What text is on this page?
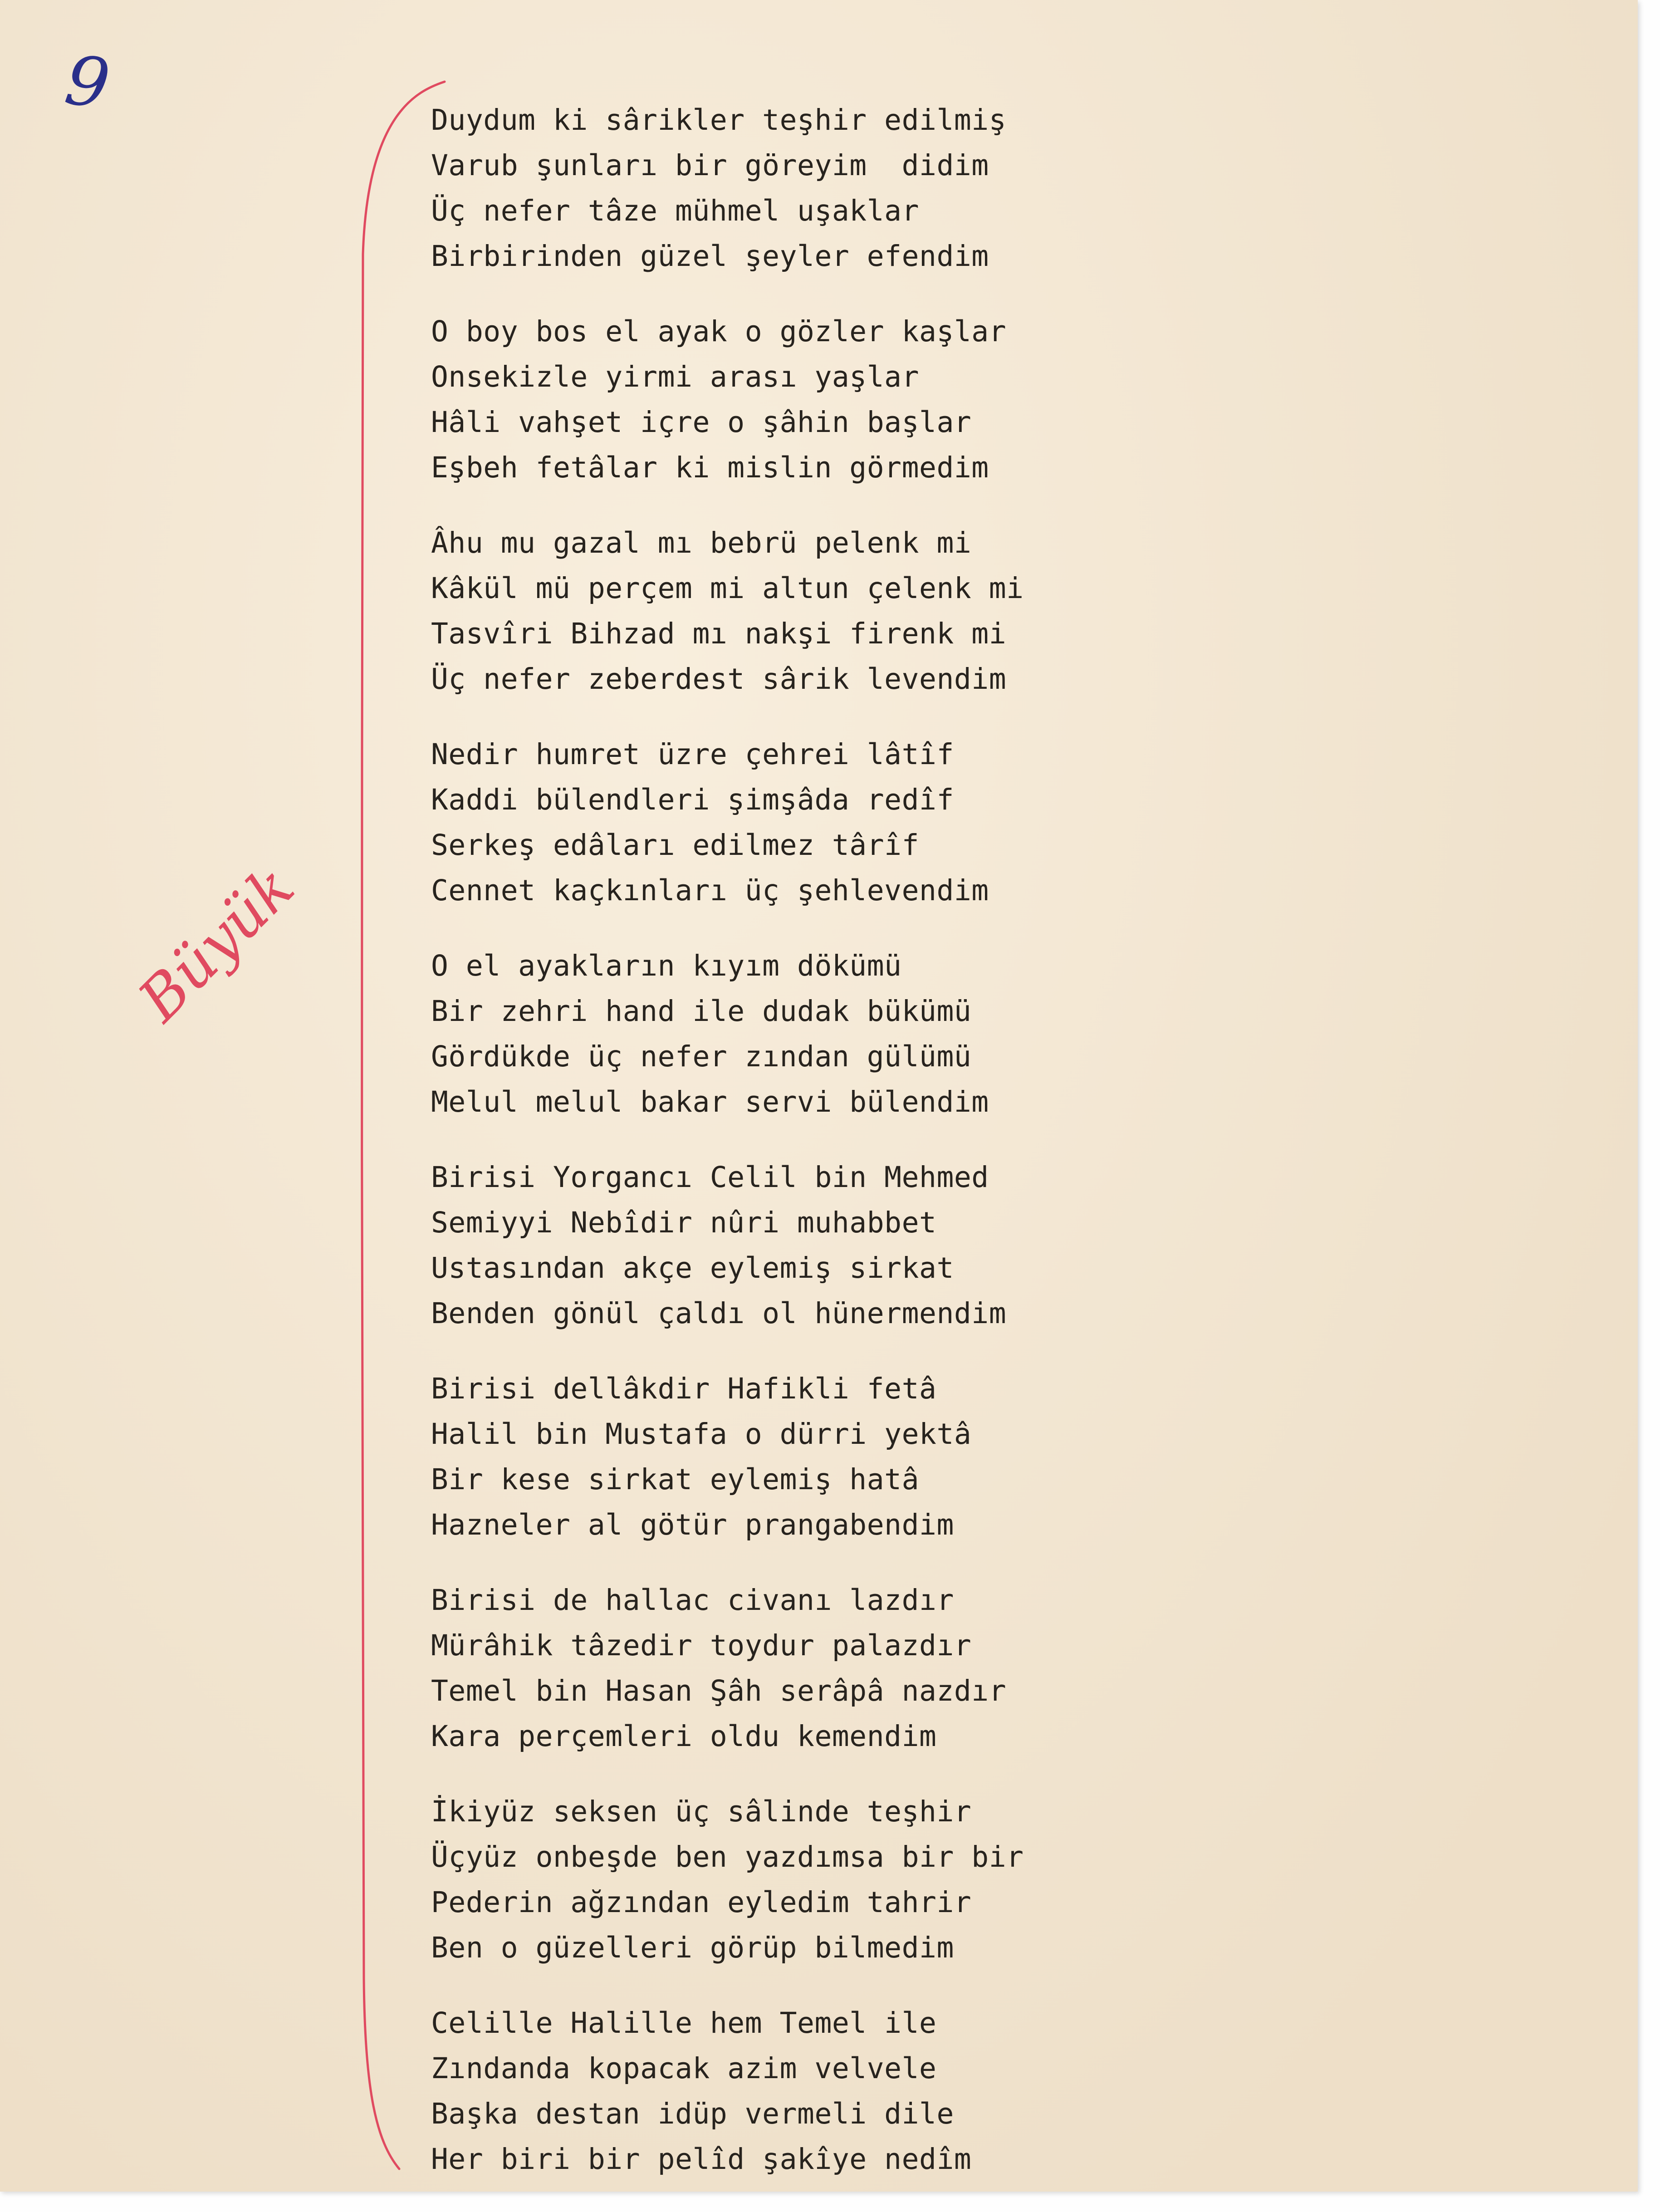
9
Büyük
Duydum ki sârikler teşhir edilmiş
Varub şunları bir göreyim  didim
Üç nefer tâze mühmel uşaklar
Birbirinden güzel şeyler efendim
O boy bos el ayak o gözler kaşlar
Onsekizle yirmi arası yaşlar
Hâli vahşet içre o şâhin başlar
Eşbeh fetâlar ki mislin görmedim
Âhu mu gazal mı bebrü pelenk mi
Kâkül mü perçem mi altun çelenk mi
Tasvîri Bihzad mı nakşi firenk mi
Üç nefer zeberdest sârik levendim
Nedir humret üzre çehrei lâtîf
Kaddi bülendleri şimşâda redîf
Serkeş edâları edilmez târîf
Cennet kaçkınları üç şehlevendim
O el ayakların kıyım dökümü
Bir zehri hand ile dudak bükümü
Gördükde üç nefer zından gülümü
Melul melul bakar servi bülendim
Birisi Yorgancı Celil bin Mehmed
Semiyyi Nebîdir nûri muhabbet
Ustasından akçe eylemiş sirkat
Benden gönül çaldı ol hünermendim
Birisi dellâkdir Hafikli fetâ
Halil bin Mustafa o dürri yektâ
Bir kese sirkat eylemiş hatâ
Hazneler al götür prangabendim
Birisi de hallac civanı lazdır
Mürâhik tâzedir toydur palazdır
Temel bin Hasan Şâh serâpâ nazdır
Kara perçemleri oldu kemendim
İkiyüz seksen üç sâlinde teşhir
Üçyüz onbeşde ben yazdımsa bir bir
Pederin ağzından eyledim tahrir
Ben o güzelleri görüp bilmedim
Celille Halille hem Temel ile
Zındanda kopacak azim velvele
Başka destan idüp vermeli dile
Her biri bir pelîd şakîye nedîm
